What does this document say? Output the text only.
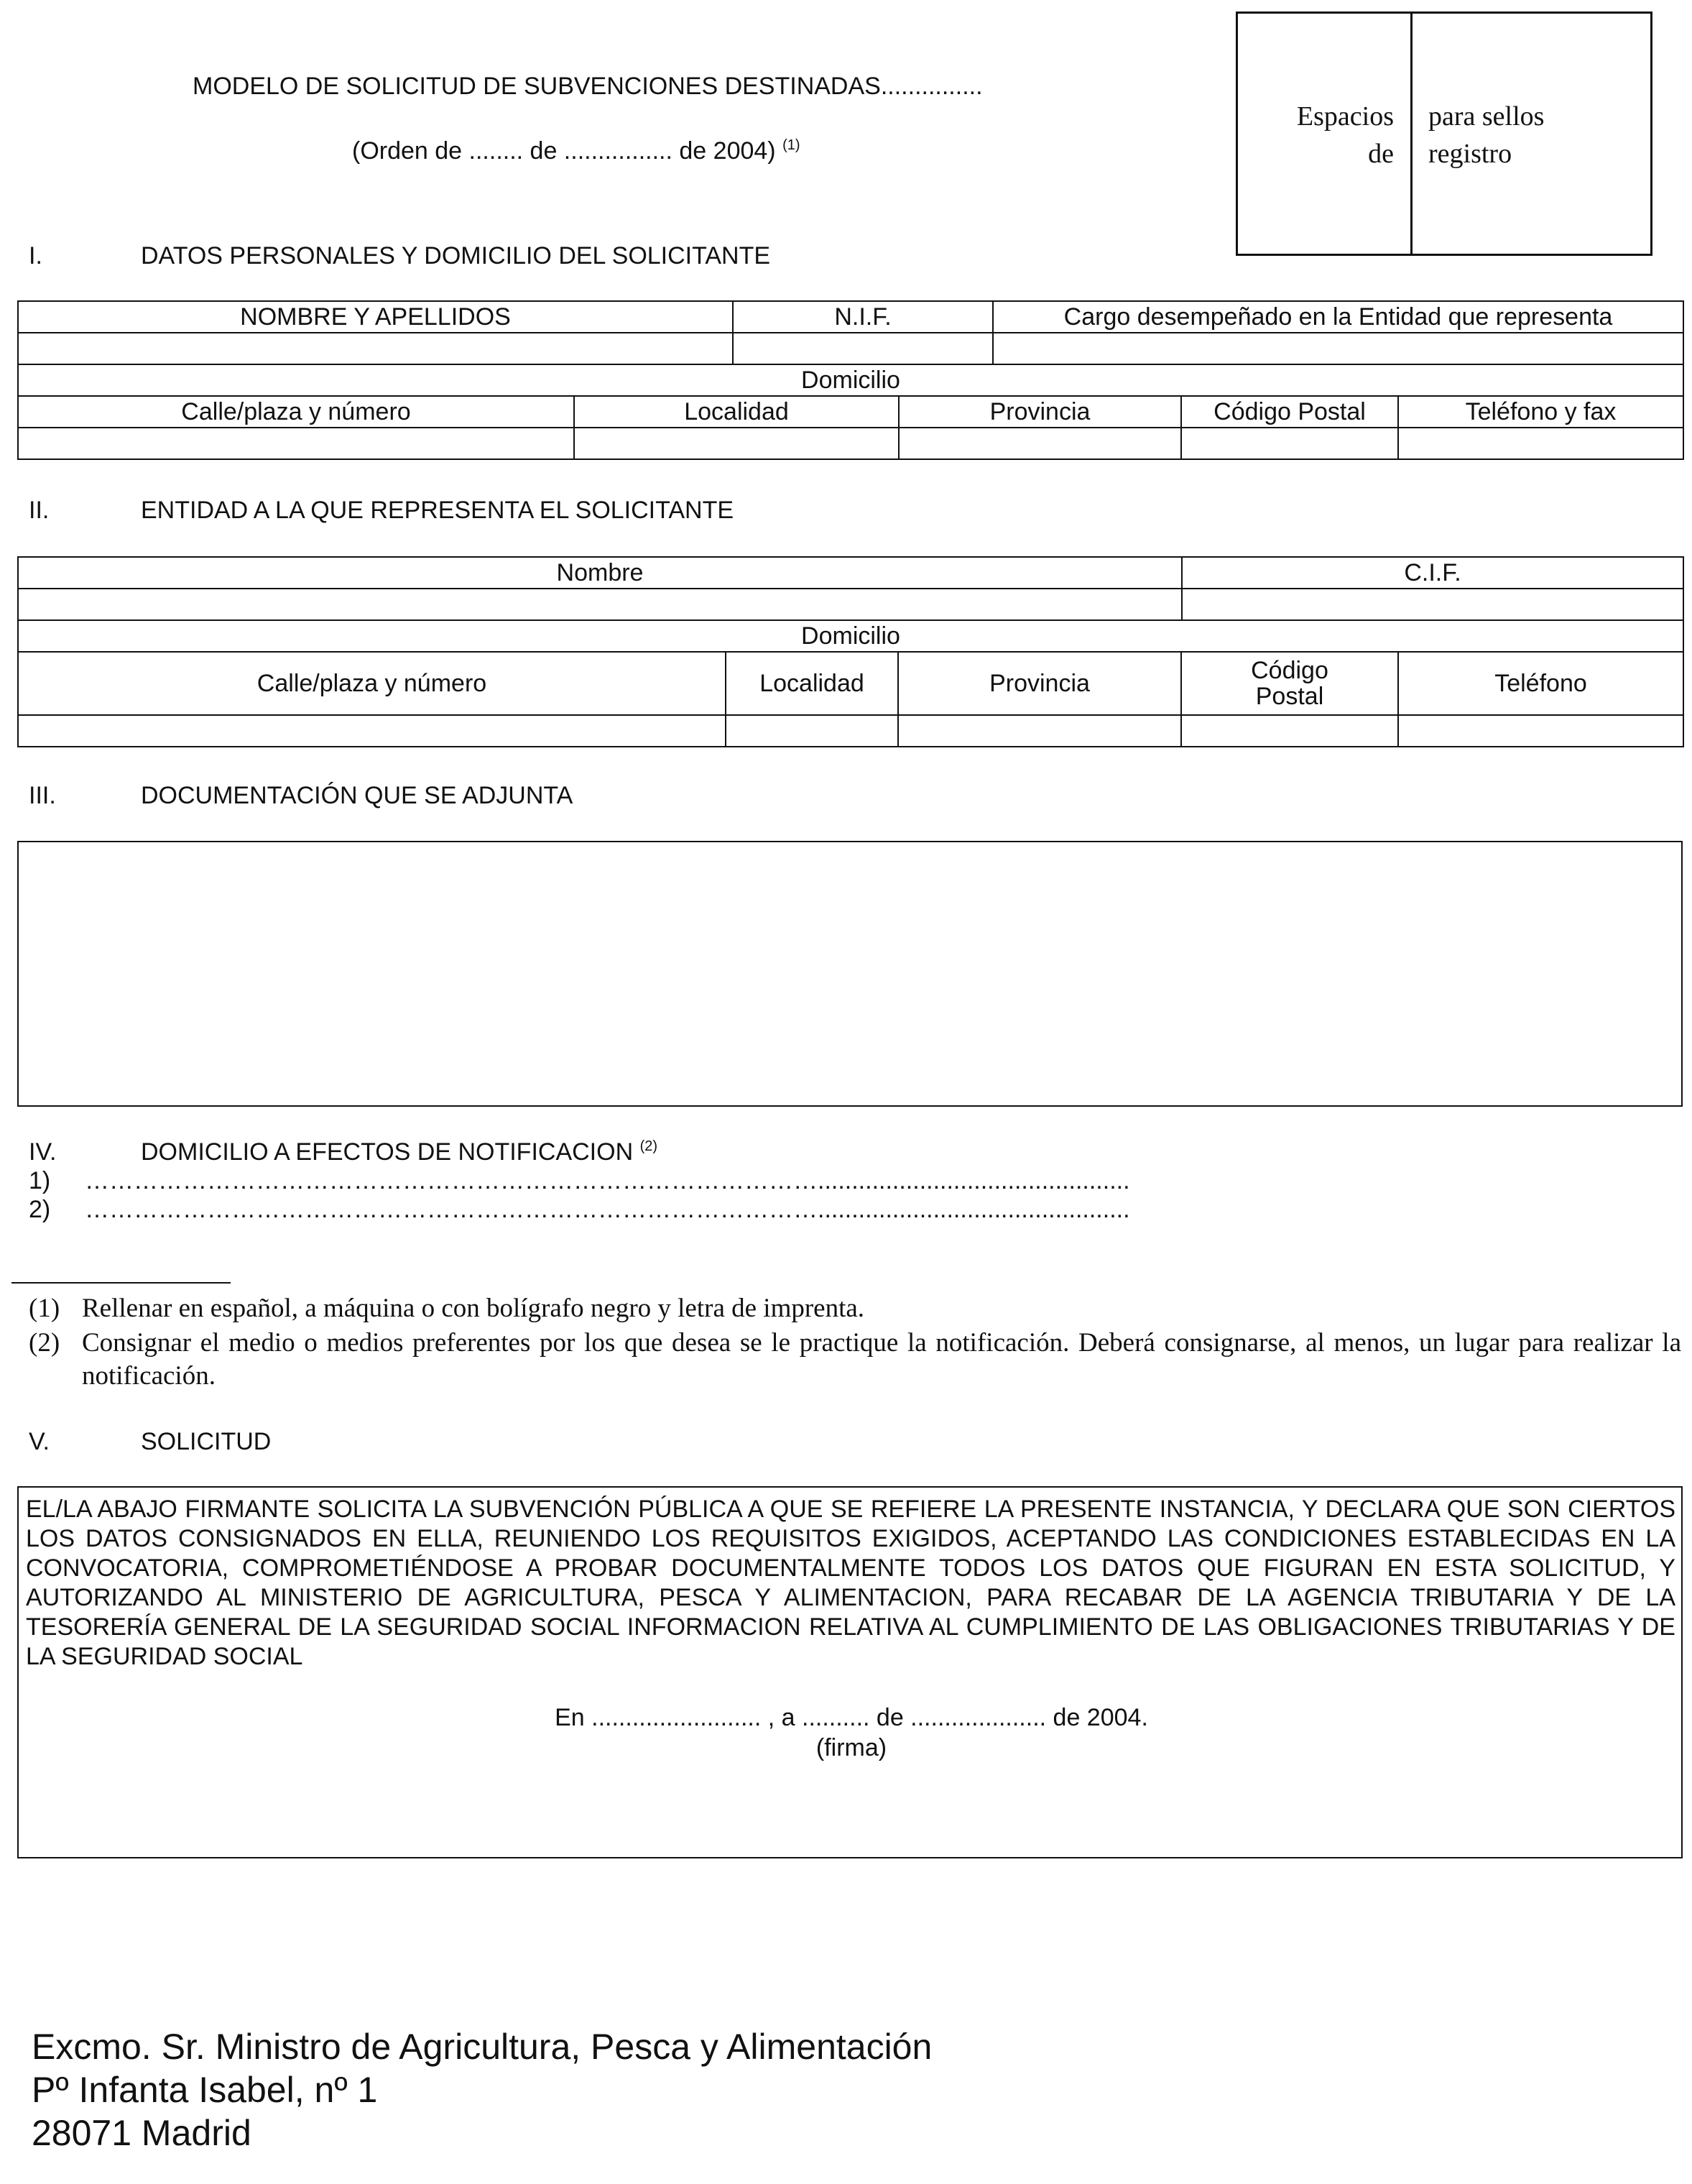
MODELO DE SOLICITUD DE SUBVENCIONES DESTINADAS...............
(Orden de ........ de ................ de 2004) $^{(1)}$
Espacios
de
para sellos
registro
I.	DATOS PERSONALES Y DOMICILIO DEL SOLICITANTE
NOMBRE Y APELLIDOS	N.I.F.	Cargo desempeñado en la Entidad que representa

Domicilio				
Calle/plaza y número	Localidad	Provincia	Código Postal	Teléfono y fax

II.	ENTIDAD A LA QUE REPRESENTA EL SOLICITANTE
Nombre	C.I.F.

Domicilio				
Calle/plaza y número	Localidad	Provincia	Código Postal	Teléfono

III.	DOCUMENTACIÓN QUE SE ADJUNTA
IV.	DOMICILIO A EFECTOS DE NOTIFICACION $^{(2)}$
1) ………………………………………………………………………………..............................................
2) ………………………………………………………………………………..............................................
(1) Rellenar en español, a máquina o con bolígrafo negro y letra de imprenta.
(2) Consignar el medio o medios preferentes por los que desea se le practique la notificación. Deberá consignarse, al menos, un lugar para realizar la notificación.
V.	SOLICITUD
EL/LA ABAJO FIRMANTE SOLICITA LA SUBVENCIÓN PÚBLICA A QUE SE REFIERE LA PRESENTE INSTANCIA, Y DECLARA QUE SON CIERTOS LOS DATOS CONSIGNADOS EN ELLA, REUNIENDO LOS REQUISITOS EXIGIDOS, ACEPTANDO LAS CONDICIONES ESTABLECIDAS EN LA CONVOCATORIA, COMPROMETIÉNDOSE A PROBAR DOCUMENTALMENTE TODOS LOS DATOS QUE FIGURAN EN ESTA SOLICITUD, Y AUTORIZANDO AL MINISTERIO DE AGRICULTURA, PESCA Y ALIMENTACION, PARA RECABAR DE LA AGENCIA TRIBUTARIA Y DE LA TESORERÍA GENERAL DE LA SEGURIDAD SOCIAL INFORMACION RELATIVA AL CUMPLIMIENTO DE LAS OBLIGACIONES TRIBUTARIAS Y DE LA SEGURIDAD SOCIAL
En ......................... , a .......... de .................... de 2004.
(firma)
Excmo. Sr. Ministro de Agricultura, Pesca y Alimentación
Pº Infanta Isabel, nº 1
28071 Madrid
